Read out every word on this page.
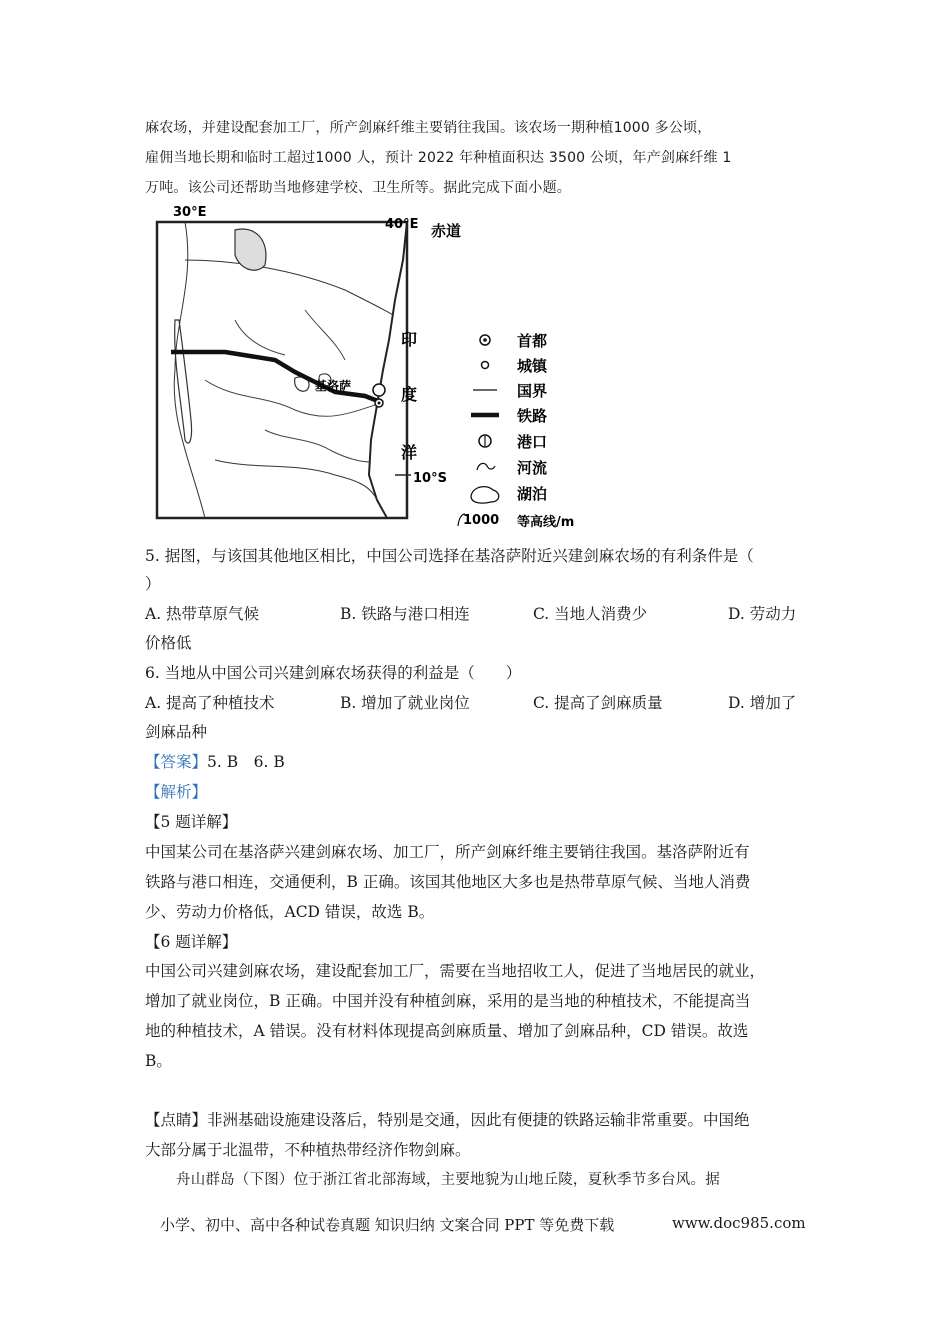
麻农场，并建设配套加工厂，所产剑麻纤维主要销往我国。该农场一期种植1000 多公顷，
雇佣当地长期和临时工超过1000 人，预计 2022 年种植面积达 3500 公顷，年产剑麻纤维 1
万吨。该公司还帮助当地修建学校、卫生所等。据此完成下面小题。
30°E
40°E 赤道
印
度
洋
10°S
基洛萨
首都
城镇
国界
铁路
港口
河流
湖泊
1000 等高线/m
5. 据图，与该国其他地区相比，中国公司选择在基洛萨附近兴建剑麻农场的有利条件是（
）
A. 热带草原气候	B. 铁路与港口相连	C. 当地人消费少	D. 劳动力
价格低
6. 当地从中国公司兴建剑麻农场获得的利益是（　　）
A. 提高了种植技术	B. 增加了就业岗位	C. 提高了剑麻质量	D. 增加了
剑麻品种
【答案】5. B　6. B
【解析】
【5 题详解】
中国某公司在基洛萨兴建剑麻农场、加工厂，所产剑麻纤维主要销往我国。基洛萨附近有
铁路与港口相连，交通便利，B 正确。该国其他地区大多也是热带草原气候、当地人消费
少、劳动力价格低，ACD 错误，故选 B。
【6 题详解】
中国公司兴建剑麻农场，建设配套加工厂，需要在当地招收工人，促进了当地居民的就业，
增加了就业岗位，B 正确。中国并没有种植剑麻，采用的是当地的种植技术，不能提高当
地的种植技术，A 错误。没有材料体现提高剑麻质量、增加了剑麻品种，CD 错误。故选
B。
【点睛】非洲基础设施建设落后，特别是交通，因此有便捷的铁路运输非常重要。中国绝
大部分属于北温带，不种植热带经济作物剑麻。
舟山群岛（下图）位于浙江省北部海域，主要地貌为山地丘陵，夏秋季节多台风。据
小学、初中、高中各种试卷真题 知识归纳 文案合同 PPT 等免费下载	www.doc985.com
